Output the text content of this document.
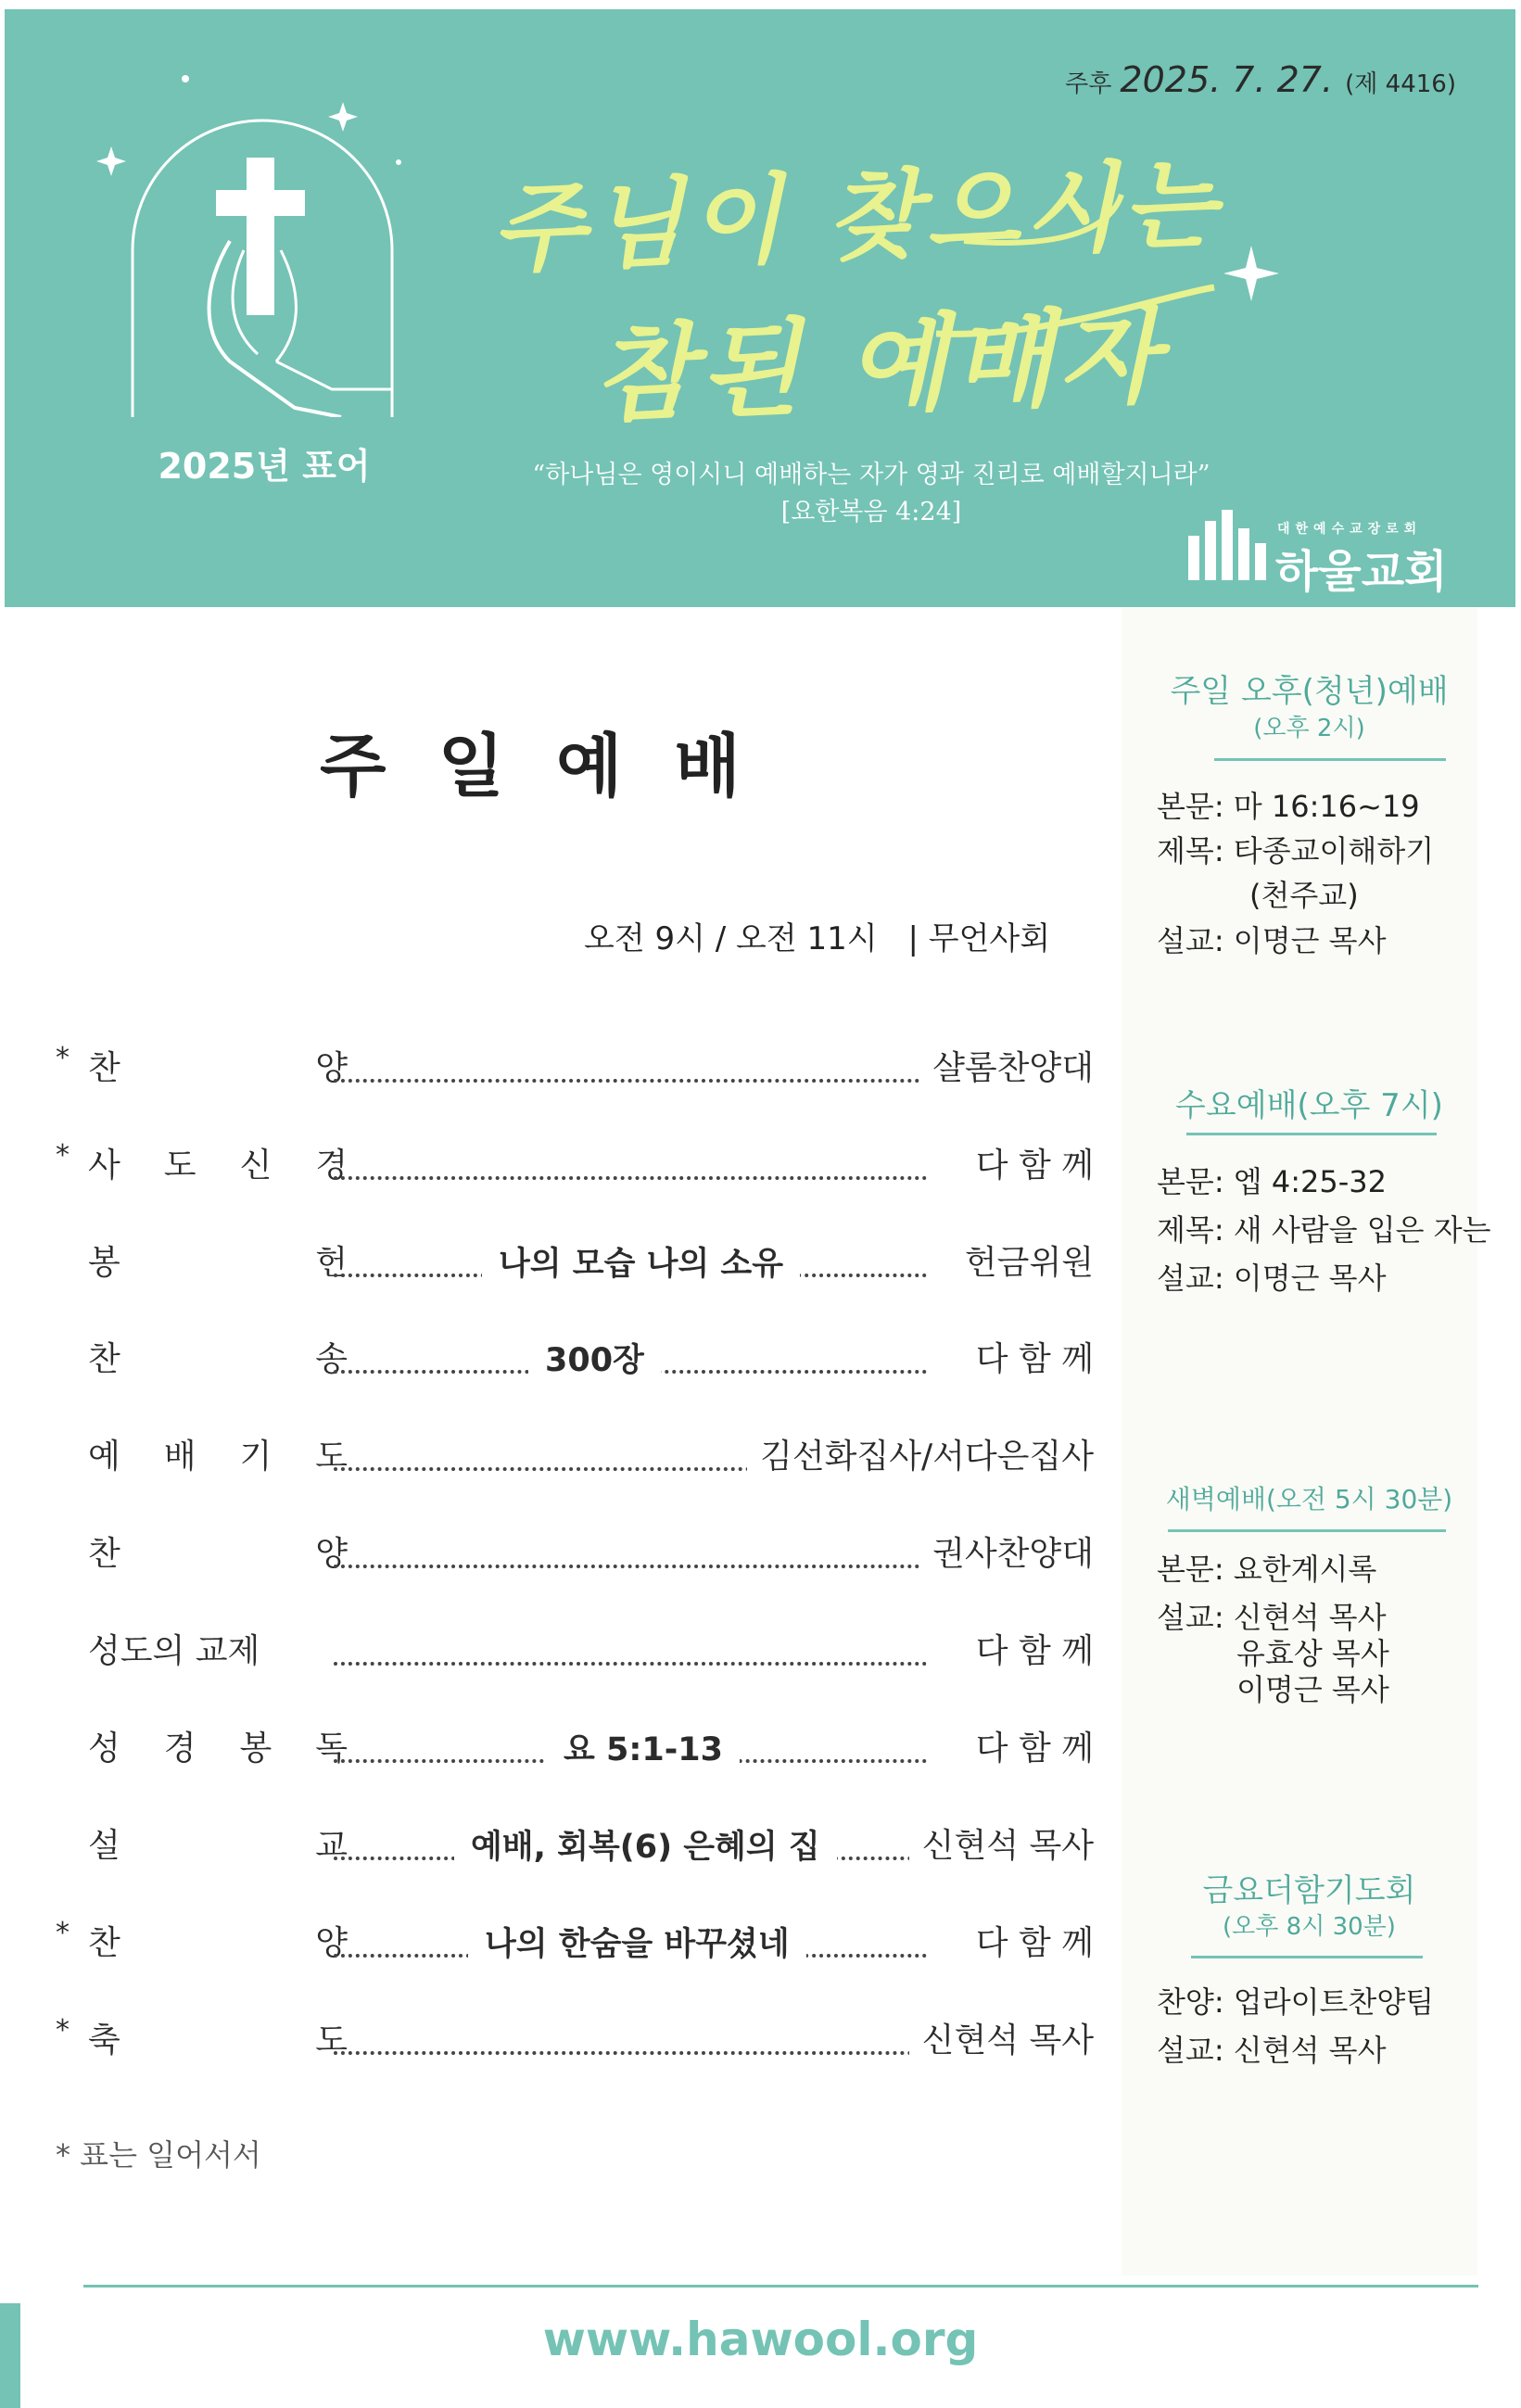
주후 2025. 7. 27. (제 4416)
주님이 찾으시는
참된 예배자
2025년 표어	“하나님은 영이시니 예배하는 자가 영과 진리로 예배할지니라”
[요한복음 4:24]
대한예수교장로회
하울교회
주일예배
오전 9시 / 오전 11시 | 무언사회
* 찬	양	샬롬찬양대
* 사 도 신 경	다 함 께
봉	헌	나의 모습 나의 소유	헌금위원
찬	송	300장	다 함 께
예 배 기 도	김선화집사/서다은집사
찬	양	권사찬양대
성도의 교제	다 함 께
성 경 봉 독	요 5:1-13	다 함 께
설	교	예배, 회복(6) 은혜의 집	신현석 목사
* 찬	양	나의 한숨을 바꾸셨네	다 함 께
* 축	도	신현석 목사
* 표는 일어서서
주일 오후(청년)예배
(오후 2시)
본문: 마 16:16~19
제목: 타종교이해하기
(천주교)
설교: 이명근 목사
수요예배(오후 7시)
본문: 엡 4:25-32
제목: 새 사람을 입은 자는
설교: 이명근 목사
새벽예배(오전 5시 30분)
본문: 요한계시록
설교: 신현석 목사
유효상 목사
이명근 목사
금요더함기도회
(오후 8시 30분)
찬양: 업라이트찬양팀
설교: 신현석 목사
www.hawool.org
